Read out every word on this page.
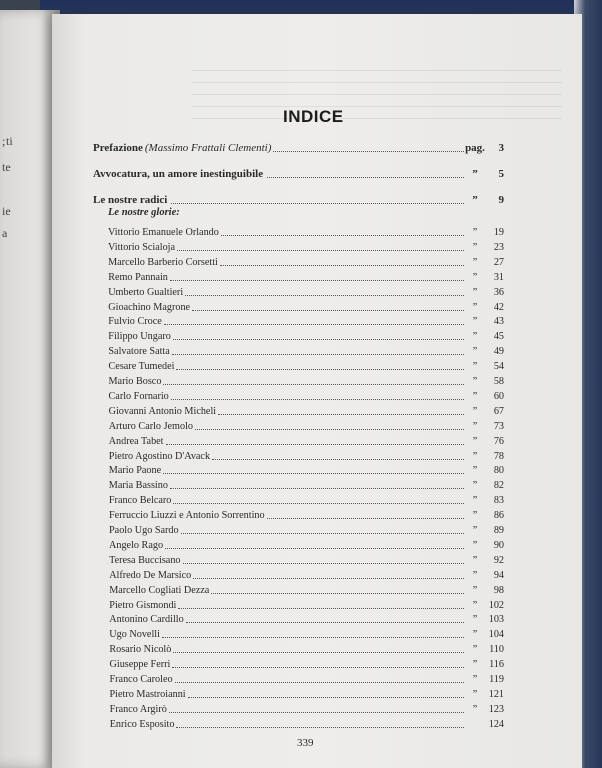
; ti
te
ie
a
INDICE
Prefazione (Massimo Frattali Clementi)	pag.	3
Avvocatura, un amore inestinguibile	”	5
Le nostre radici	”	9
Le nostre glorie:
Vittorio Emanuele Orlando	”	19
Vittorio Scialoja	”	23
Marcello Barberio Corsetti	”	27
Remo Pannain	”	31
Umberto Gualtieri	”	36
Gioachino Magrone	”	42
Fulvio Croce	”	43
Filippo Ungaro	”	45
Salvatore Satta	”	49
Cesare Tumedei	”	54
Mario Bosco	”	58
Carlo Fornario	”	60
Giovanni Antonio Micheli	”	67
Arturo Carlo Jemolo	”	73
Andrea Tabet	”	76
Pietro Agostino D'Avack	”	78
Mario Paone	”	80
Maria Bassino	”	82
Franco Belcaro	”	83
Ferruccio Liuzzi e Antonio Sorrentino	”	86
Paolo Ugo Sardo	”	89
Angelo Rago	”	90
Teresa Buccisano	”	92
Alfredo De Marsico	”	94
Marcello Cogliati Dezza	”	98
Pietro Gismondi	”	102
Antonino Cardillo	”	103
Ugo Novelli	”	104
Rosario Nicolò	”	110
Giuseppe Ferri	”	116
Franco Caroleo	”	119
Pietro Mastroianni	”	121
Franco Argirò	”	123
Enrico Esposito	124
339
